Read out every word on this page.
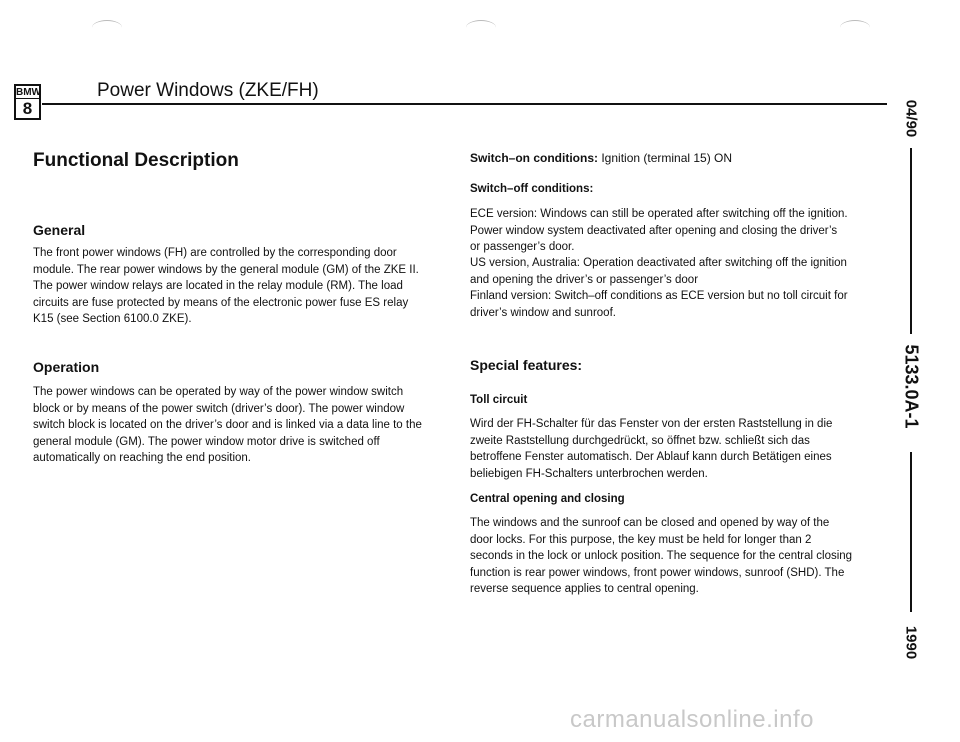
BMW
8
Power Windows (ZKE/FH)
Functional Description
General

The front power windows (FH) are controlled by the corresponding door module. The rear power windows by the general module (GM) of the ZKE II. The power window relays are located in the relay module (RM). The load circuits are fuse protected by means of the electronic power fuse ES relay K15 (see Section 6100.0 ZKE).

Operation

The power windows can be operated by way of the power window switch block or by means of the power switch (driver’s door). The power window switch block is located on the driver’s door and is linked via a data line to the general module (GM). The power window motor drive is switched off automatically on reaching the end position.

Switch–on conditions: Ignition (terminal 15) ON

Switch–off conditions:

ECE version: Windows can still be operated after switching off the ignition. Power window system deactivated after opening and closing the driver’s or passenger’s door.

US version, Australia: Operation deactivated after switching off the ignition and opening the driver’s or passenger’s door

Finland version: Switch–off conditions as ECE version but no toll circuit for driver’s window and sunroof.

Special features:

Toll circuit

Wird der FH-Schalter für das Fenster von der ersten Raststellung in die zweite Raststellung durchgedrückt, so öffnet bzw. schließt sich das betroffene Fenster automatisch. Der Ablauf kann durch Betätigen eines beliebigen FH-Schalters unterbrochen werden.

Central opening and closing

The windows and the sunroof can be closed and opened by way of the door locks. For this purpose, the key must be held for longer than 2 seconds in the lock or unlock position. The sequence for the central closing function is rear power windows, front power windows, sunroof (SHD). The reverse sequence applies to central opening.

04/90
5133.0A-1
1990
carmanualsonline.info
